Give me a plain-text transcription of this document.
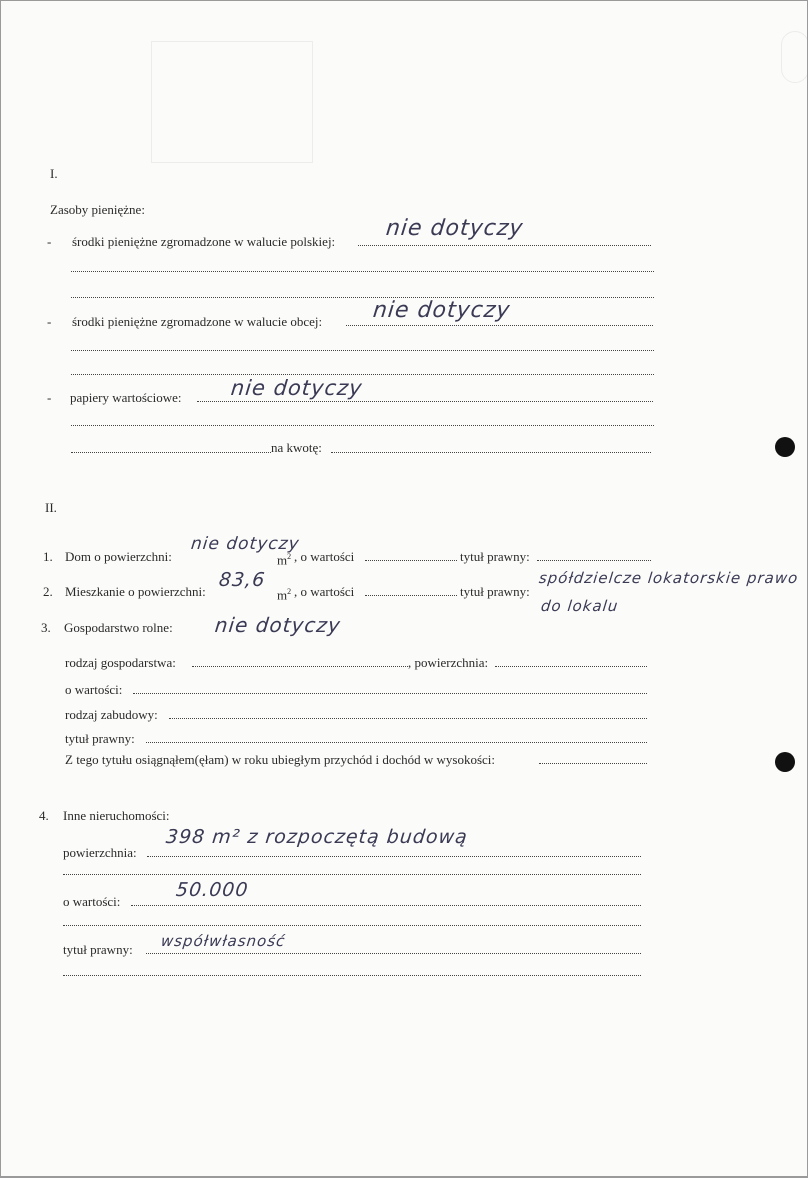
I.
Zasoby pieniężne:
- środki pieniężne zgromadzone w walucie polskiej:
nie dotyczy
- środki pieniężne zgromadzone w walucie obcej: nie dotyczy
- papiery wartościowe: nie dotyczy
na kwotę:
II.
1. Dom o powierzchni:
nie dotyczy
$m^2$ , o wartości	tytuł prawny:
2. Mieszkanie o powierzchni:
83,6
$m^2$ , o wartości	tytuł prawny:
spółdzielcze lokatorskie prawo
do lokalu
3. Gospodarstwo rolne: nie dotyczy
rodzaj gospodarstwa:	, powierzchnia:
o wartości:
rodzaj zabudowy:
tytuł prawny:
Z tego tytułu osiągnąłem(ęłam) w roku ubiegłym przychód i dochód w wysokości:
4. Inne nieruchomości:
powierzchnia:
398 m² z rozpoczętą budową
o wartości:
50.000
tytuł prawny: współwłasność
